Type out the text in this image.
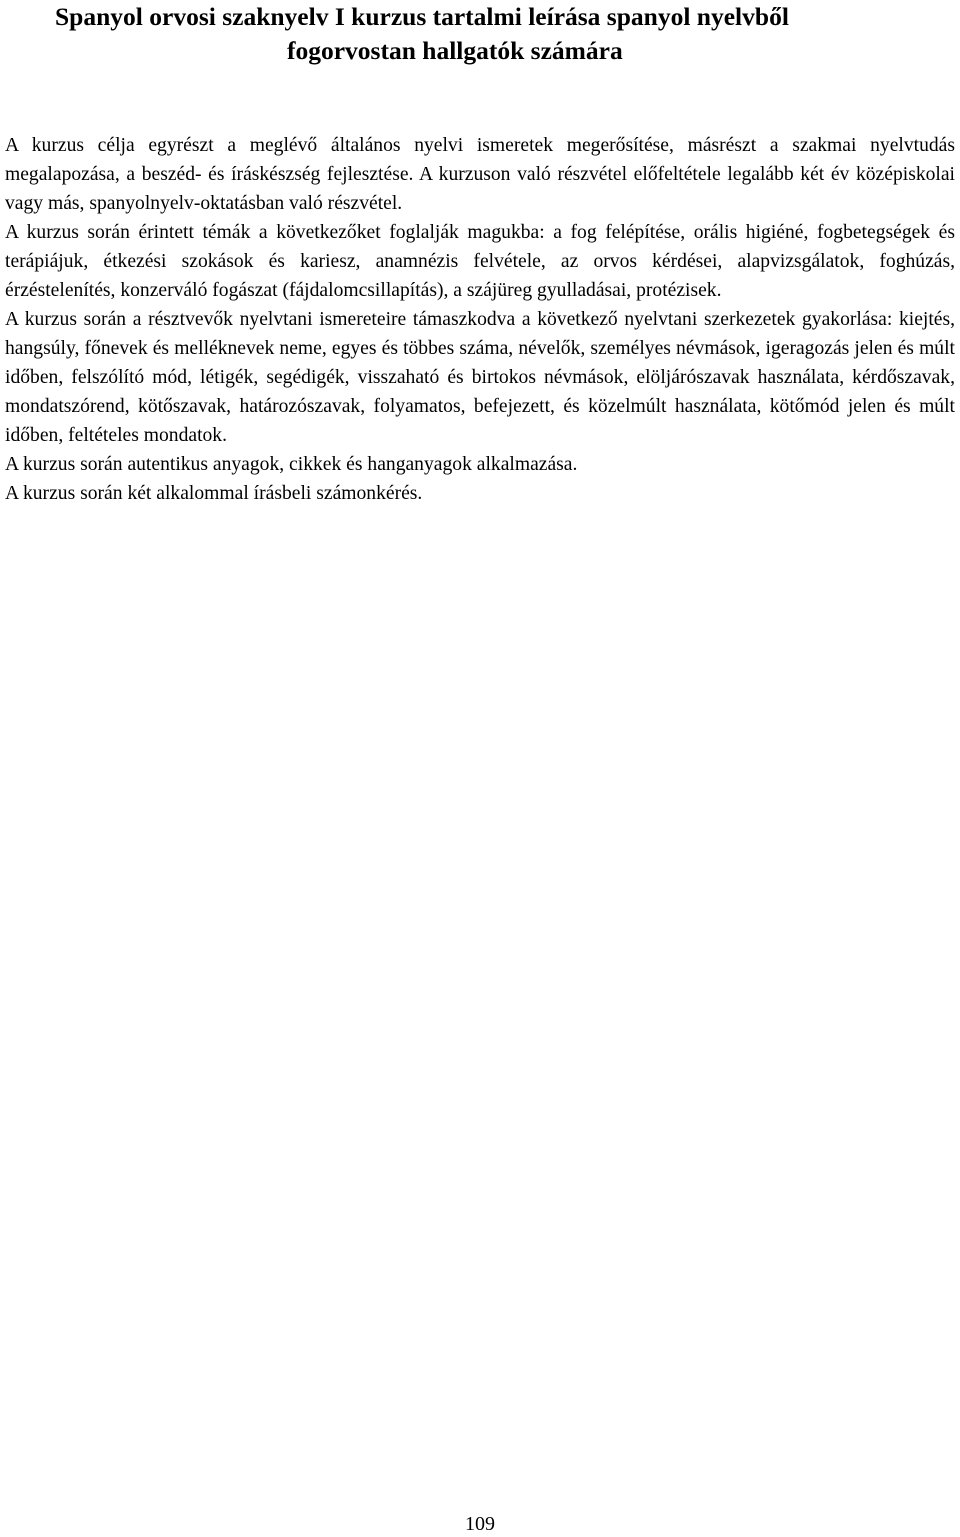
Spanyol orvosi szaknyelv I kurzus tartalmi leírása spanyol nyelvből
fogorvostan hallgatók számára

A kurzus célja egyrészt a meglévő általános nyelvi ismeretek megerősítése, másrészt a szakmai nyelvtudás megalapozása, a beszéd- és íráskészség fejlesztése. A kurzuson való részvétel előfeltétele legalább két év középiskolai vagy más, spanyolnyelv-oktatásban való részvétel.

A kurzus során érintett témák a következőket foglalják magukba: a fog felépítése, orális higiéné, fogbetegségek és terápiájuk, étkezési szokások és kariesz, anamnézis felvétele, az orvos kérdései, alapvizsgálatok, foghúzás, érzéstelenítés, konzerváló fogászat (fájdalomcsillapítás), a szájüreg gyulladásai, protézisek.

A kurzus során a résztvevők nyelvtani ismereteire támaszkodva a következő nyelvtani szerkezetek gyakorlása: kiejtés, hangsúly, főnevek és melléknevek neme, egyes és többes száma, névelők, személyes névmások, igeragozás jelen és múlt időben, felszólító mód, létigék, segédigék, visszaható és birtokos névmások, elöljárószavak használata, kérdőszavak, mondatszórend, kötőszavak, határozószavak, folyamatos, befejezett, és közelmúlt használata, kötőmód jelen és múlt időben, feltételes mondatok.

A kurzus során autentikus anyagok, cikkek és hanganyagok alkalmazása.

A kurzus során két alkalommal írásbeli számonkérés.

109
